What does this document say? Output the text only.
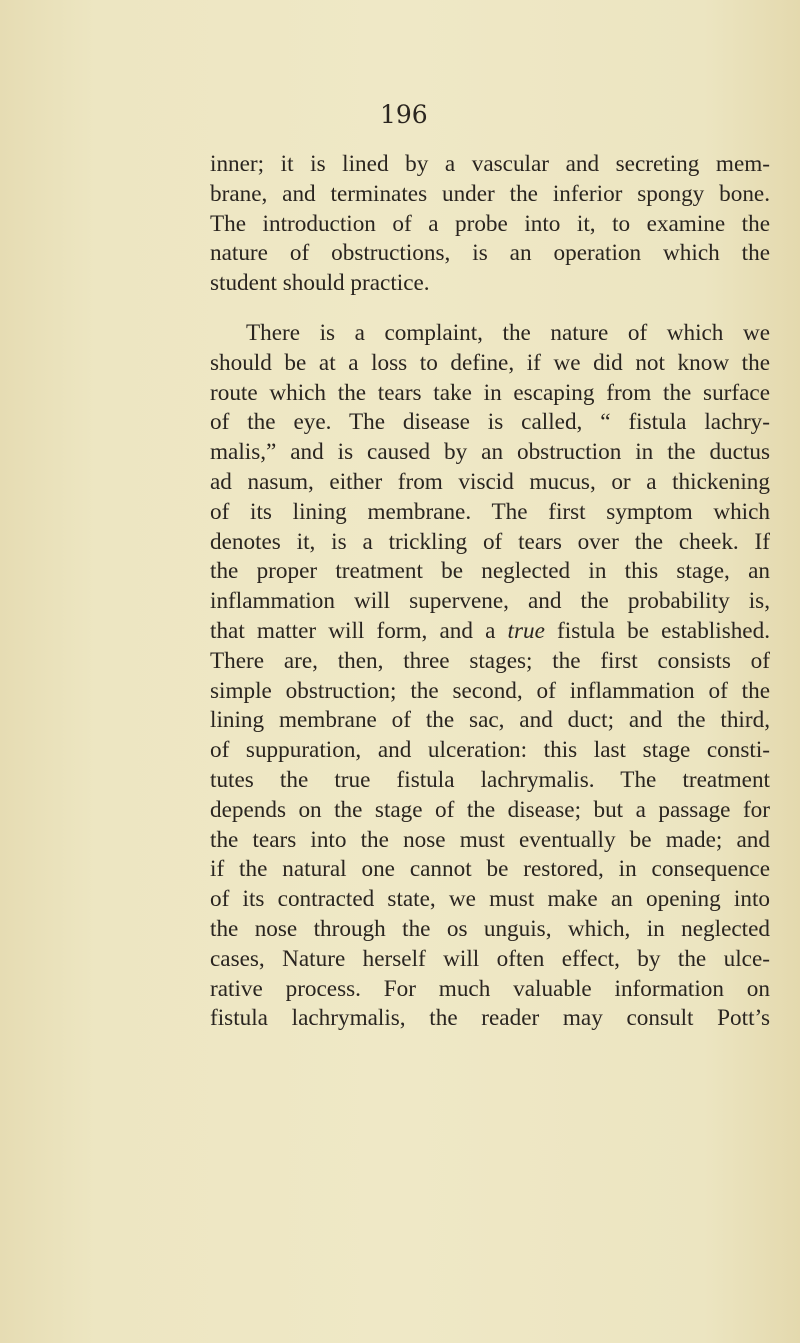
196
inner; it is lined by a vascular and secreting mem-
brane, and terminates under the inferior spongy bone.
The introduction of a probe into it, to examine the
nature of obstructions, is an operation which the
student should practice.
There is a complaint, the nature of which we
should be at a loss to define, if we did not know the
route which the tears take in escaping from the surface
of the eye. The disease is called, “ fistula lachry-
malis,” and is caused by an obstruction in the ductus
ad nasum, either from viscid mucus, or a thickening
of its lining membrane. The first symptom which
denotes it, is a trickling of tears over the cheek. If
the proper treatment be neglected in this stage, an
inflammation will supervene, and the probability is,
that matter will form, and a true fistula be established.
There are, then, three stages; the first consists of
simple obstruction; the second, of inflammation of the
lining membrane of the sac, and duct; and the third,
of suppuration, and ulceration: this last stage consti-
tutes the true fistula lachrymalis. The treatment
depends on the stage of the disease; but a passage for
the tears into the nose must eventually be made; and
if the natural one cannot be restored, in consequence
of its contracted state, we must make an opening into
the nose through the os unguis, which, in neglected
cases, Nature herself will often effect, by the ulce-
rative process. For much valuable information on
fistula lachrymalis, the reader may consult Pott’s
